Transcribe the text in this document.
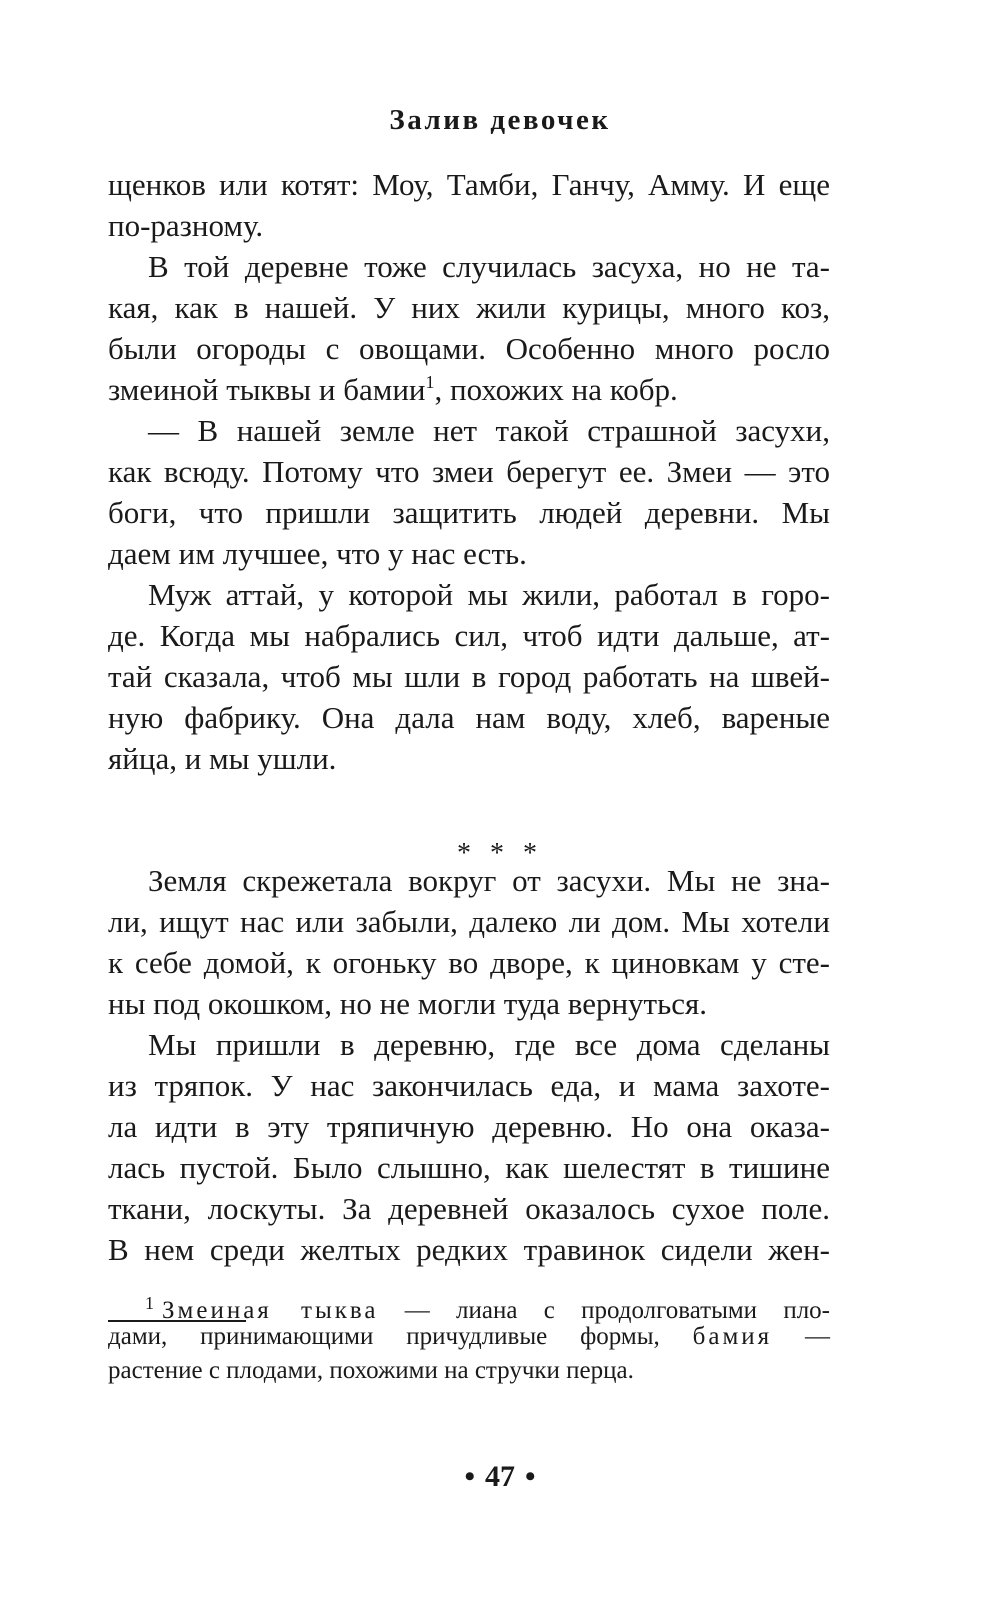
Залив девочек
щенков или котят: Моу, Тамби, Ганчу, Амму. И еще
по-разному.
В той деревне тоже случилась засуха, но не та-
кая, как в нашей. У них жили курицы, много коз,
были огороды с овощами. Особенно много росло
змеиной тыквы и бамии$^1$, похожих на кобр.
— В нашей земле нет такой страшной засухи,
как всюду. Потому что змеи берегут ее. Змеи — это
боги, что пришли защитить людей деревни. Мы
даем им лучшее, что у нас есть.
Муж аттай, у которой мы жили, работал в горо-
де. Когда мы набрались сил, чтоб идти дальше, ат-
тай сказала, чтоб мы шли в город работать на швей-
ную фабрику. Она дала нам воду, хлеб, вареные
яйца, и мы ушли.
* * *
Земля скрежетала вокруг от засухи. Мы не зна-
ли, ищут нас или забыли, далеко ли дом. Мы хотели
к себе домой, к огоньку во дворе, к циновкам у сте-
ны под окошком, но не могли туда вернуться.
Мы пришли в деревню, где все дома сделаны
из тряпок. У нас закончилась еда, и мама захоте-
ла идти в эту тряпичную деревню. Но она оказа-
лась пустой. Было слышно, как шелестят в тишине
ткани, лоскуты. За деревней оказалось сухое поле.
В нем среди желтых редких травинок сидели жен-
$^1$ Змеиная тыква — лиана с продолговатыми пло-
дами, принимающими причудливые формы, бамия —
растение с плодами, похожими на стручки перца.
• 47 •
